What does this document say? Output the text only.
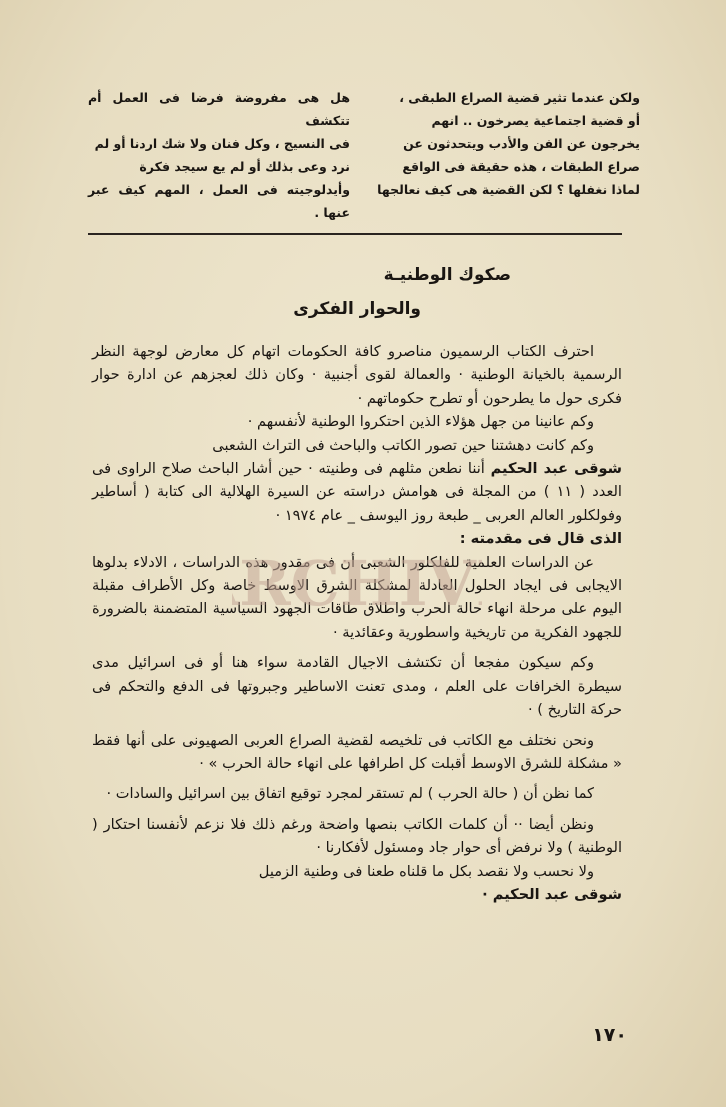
ولكن عندما تثير قضية الصراع الطبقى ،

أو قضية اجتماعية يصرخون .. انهم

يخرجون عن الفن والأدب ويتحدثون عن

صراع الطبقات ، هذه حقيقة فى الواقع

لماذا نغفلها ؟ لكن القضية هى كيف نعالجها

هل هى مفروضة فرضا فى العمل أم تتكشف

فى النسيج ، وكل فنان ولا شك اردنا أو لم

نرد وعى بذلك أو لم يع سيجد فكرة

وأيدلوجيته فى العمل ، المهم كيف عبر عنها .

صكوك الوطنيـة
والحوار الفكرى

احترف الكتاب الرسميون مناصرو كافة الحكومات اتهام كل معارض لوجهة النظر الرسمية بالخيانة الوطنية · والعمالة لقوى أجنبية · وكان ذلك لعجزهم عن ادارة حوار فكرى حول ما يطرحون أو تطرح حكوماتهم ·

وكم عانينا من جهل هؤلاء الذين احتكروا الوطنية لأنفسهم ·

وكم كانت دهشتنا حين تصور الكاتب والباحث فى التراث الشعبى
شوقى عبد الحكيم أننا نطعن مثلهم فى وطنيته · حين أشار الباحث صلاح الراوى فى العدد ( ١١ ) من المجلة فى هوامش دراسته عن السيرة الهلالية الى كتابة ( أساطير وفولكلور العالم العربى _ طبعة روز اليوسف _ عام ١٩٧٤ ·
الذى قال فى مقدمته :

عن الدراسات العلمية للفلكلور الشعبى أن فى مقدور هذه الدراسات ، الادلاء بدلوها الايجابى فى ايجاد الحلول العادلة لمشكلة الشرق الاوسط خاصة وكل الأطراف مقبلة اليوم على مرحلة انهاء حالة الحرب واطلاق طاقات الجهود السياسية المتضمنة بالضرورة للجهود الفكرية من تاريخية واسطورية وعقائدية ·

وكم سيكون مفجعا أن تكتشف الاجيال القادمة سواء هنا أو فى اسرائيل مدى سيطرة الخرافات على العلم ، ومدى تعنت الاساطير وجبروتها فى الدفع والتحكم فى حركة التاريخ ) ·

ونحن نختلف مع الكاتب فى تلخيصه لقضية الصراع العربى الصهيونى على أنها فقط « مشكلة للشرق الاوسط أقبلت كل اطرافها على انهاء حالة الحرب » ·

كما نظن أن ( حالة الحرب ) لم تستقر لمجرد توقيع اتفاق بين اسرائيل والسادات ·

ونظن أيضا ·· أن كلمات الكاتب بنصها واضحة ورغم ذلك فلا نزعم لأنفسنا احتكار ( الوطنية ) ولا نرفض أى حوار جاد ومسئول لأفكارنا ·

ولا نحسب ولا نقصد بكل ما قلناه طعنا فى وطنية الزميل
شوقى عبد الحكيم ·

RCHIV
١٧٠
